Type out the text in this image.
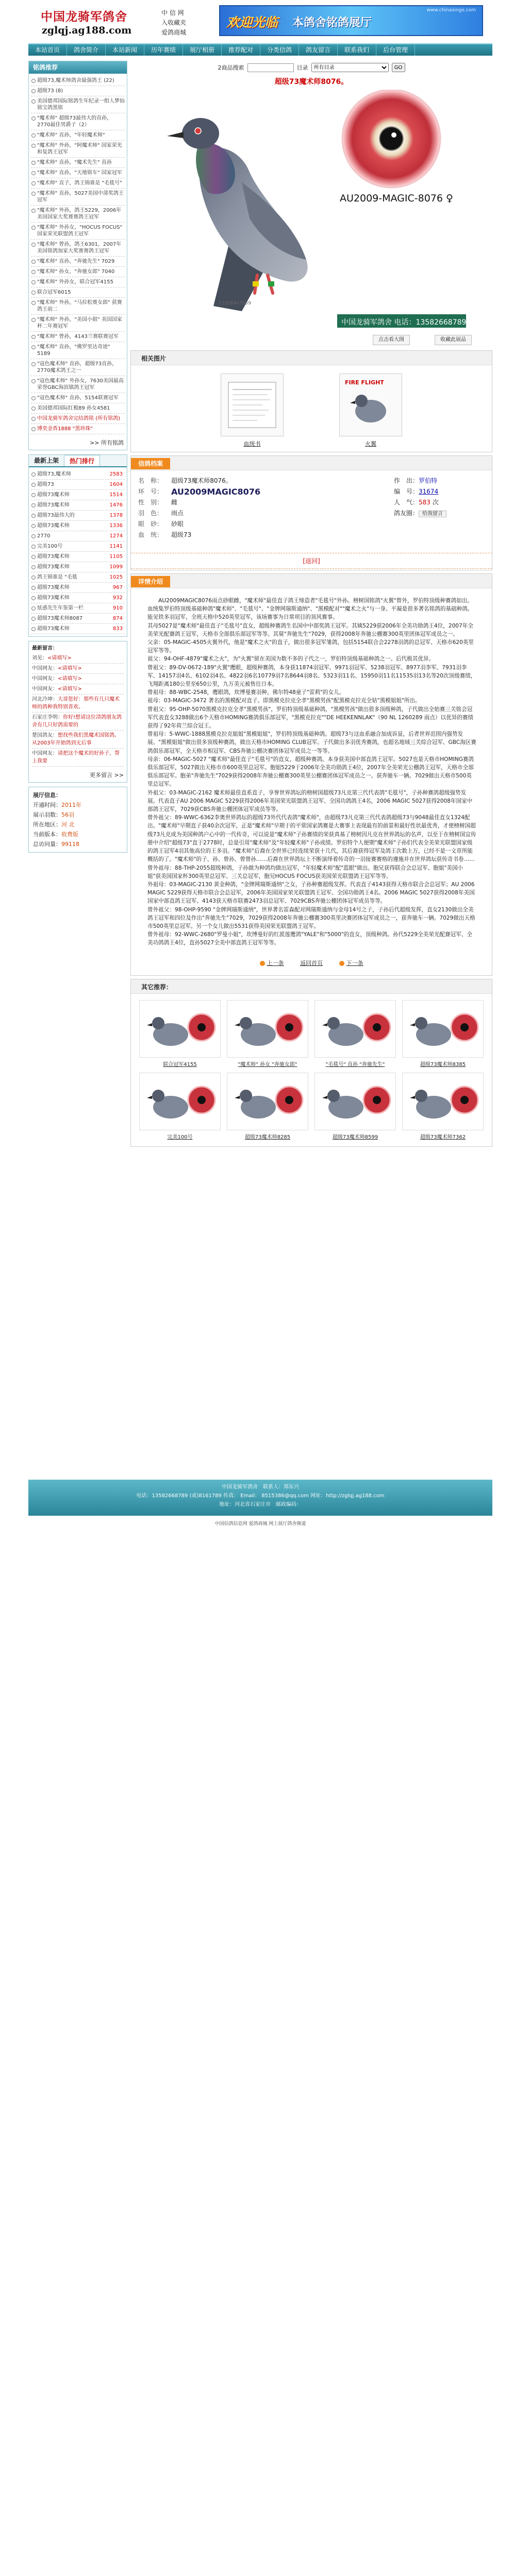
中国龙骑军鸽舍
zglqj.ag188.com
中 信 网
入收藏夹
爱鸽商城
www.chinaxinge.com
欢迎光临 本鸽舍铭鸽展厅
本站首页	鸽舍简介	本站新闻	历年赛绩	展厅相册	推荐配对	分类信鸽	鸽友留言	联系我们	后台管理
铭鸽推荐
超级73,魔术师鸽舍最强鸽王 (22)
超级73 (8)
美国德邦国际铭鸽生年纪录一组人梦仙铭宝鸽黑铭
"魔术师" 超级73最伟大的直孙，2770最佳男爵子（2）
"魔术师" 直孙，"年轻魔术师"
"魔术师" 外孙，"阿魔术师" 国家荣光和复鸽王冠军
"魔术师" 直孙，"魔术先生" 直孙
"魔术师" 直孙，"天地铭车" 国家冠军
"魔术师" 直子，鸽王锦谁是 "毛毯号"
"魔术师" 直孙，5027美国中部奖鸽王冠军
"魔术师" 外孙，鸽王5229，2006年美国国家大奖赛赛鸽王冠军
"魔术师" 外孙女，"HOCUS FOCUS" 国家荣光联盟鸽王冠军
"魔术师" 曾孙，鸽王6301，2007年美国铭鸽加家大奖赛赛鸽王冠军
"魔术师" 直孙，"奔驰先生" 7029
"魔术师" 孙女，"奔驰女郎" 7040
"魔术师" 外孙女，联合冠军4155
联合冠军6015
"魔术师" 外孙，"马拉松赛女郎" 获赛鸽王前二
"魔术师" 外孙，"美国小姐" 美国国家杯二年赛冠军
"魔术师" 曾孙，4143兰赛联赛冠军
"魔术师" 直孙，"佛罗里达奇迹" 5189
"寇色魔术师" 直孙，超级73直孙，2770魔术鸽王之一
"寇色魔术师" 外孙女，7630美国最高荣誉GBC海滨镇鸽王冠军
"寇色魔术师" 直孙，5154联赛冠军
美国德邦国际红极89 孙女4581
中国龙骑军鸽舍完结鸽铭 (所有铭鸽)
博奕金香1888 "黑珍珠"
>> 所有铭鸽
最新上架	热门排行
超级73,魔术师	2583
超级73	1604
超级73魔术师	1514
超级73魔术师	1476
超级73最伟大的	1378
超级73魔术师	1336
2770	1274
完美100号	1141
超级73魔术师	1105
超级73魔术师	1099
鸽王锦谁是 "毛毯	1025
超级73魔术师	967
超级73魔术师	932
炫惑先生年鉴第一栏	910
超级73魔术师8087	874
超级73魔术师	833

最新留言：

刘见：<请填写>

中国网友：<请填写>

中国网友：<请填写>

中国网友：<请填写>

河北冷坤：大哥您好：那些有几只魔术师的鸽种我特别喜欢。

石家庄李明：你好!想请这位清鸽朋友鸽舍有几只好鸽需要的

楚国鸽友：想找些我们黑魔术国铭鸽。从2003年开始鸽到无后事

中国网友：请把这个魔术的好孙子，帮上我要

更多留言 >>
展厅信息：
开通时间：2011年
展示羽数：56羽
所在地区：河 北
当前版本：收费版
总访问量：99118
2商品搜索	目录
所有目录	GO
超级73魔术师8076。
AU2009-MAGIC-8076 ♀
中国龙骑军鸽舍 电话：13582668789
13308447859
点击看大图	收藏此展品
相关图片
血统书
FIRE FLIGHT
火翼
信鸽档案
名　称：	超级73魔术师8076。
环　号： AU2009MAGIC8076
性　别：	雌
羽　色：	雨点
眼　砂：	砂眼
血　统：	超级73
作　出：罗伯特
编　号：31674
人　气：583 次
鸽友圈： 给我留言
[返回]
详情介绍

　　AU2009MAGIC8076雨点砂眼雌，"魔术师"最佳直子鸽王缔造者"毛毯号"外孙。榜树国铭鸽"火翼"曾外，罗伯特顶级种赛鸽如出。血统集罗伯特顶级基础种鸽"魔术师"、"毛毯号"、"金牌网瑞斯通纳"、"黑模配对""魔术之火"与一身。平凝是很多著名铭鸽的基础种鸽。

能见铁多羽冠军，全班天格中520英里冠军，该场赛事为日常项目的顶风赛事。

其母5027是"魔术师"最佳直子"毛毯号"直女，超级种赛鸽生名国中中部奖鸽王冠军。其姨5229获2006年全美功勋鸽王4位，2007年全美荣光配賽鸽王冠军，天格市全部俱乐部冠军等等。其舅"奔驰先生"7029，获得2008年奔驰公棚赛300英里团体冠军成员之一。

父亲：05-MAGIC-4505火翼外代，他是"魔术之火"的直子，做出很多冠军雏鸽，包括5154联合会2278羽鸽的总冠军、天格市620英里冠军等等。

祖父：94-OHF-4879"魔术之火"，为"火翼"留在美国为数不多的子代之一，罗伯特顶级基础种鸽之一。后代极其优异。

曾祖父：89-DV-0672-189"火翼"鹰眼，超级种赛鸽，本身获11874羽冠军、9971羽冠军、5238羽冠军、8977羽李军、7931羽李军、14157羽4名、6102羽4名、4822羽6名10779羽7名8644羽8名、5323羽11名、15950羽11名11535羽13名等20次顶级赛绩，飞翔距离180公里至650公里，九万美元被售往日本。

曾祖母：88-WBC-2548，鹰眼鸽，坎博曼赛羽种，佛尔特48童子"雷莉"的女儿。

祖母：03-MAGIC-3472 著名的黑模配对直子。即黑模克拉克全孝"黑模男孩"配黑模克拉克全姑"黑模姐姐"所出。

曾祖父：95-OHP-5070黑模克拉克全孝"黑模男孩"，罗伯特顶级基础种鸽，"黑模男孩"做出很多顶级种鸽，子代做出全始赛三关铭会冠军代表直女3288做出6个天格市HOMING赛鸽俱乐部冠军，"黑模克拉克""DE HEEKENNLAK"（90 NL 1260289 雨点）以优异的赛绩获得了92年荷兰综合冠王。

曾祖母：5-WWC-1888黑模克拉克姐姐"黑模姐姐"，罗伯特顶级基础种鸽。超级73与这血系融合加成诉显，后者世界范围内强势发展。"黑模姐姐"做出很多顶级种赛鸽，做出天格市HOMING CLUB冠军。子代做出多羽优秀赛鸽，也超名地域三关综合冠军、GBC海区赛鸽俱乐部冠军，全天格市相冠军、CBS奔驰公棚决赛团体冠军成员之一等等。

母亲：06-MAGIC-5027 "魔术师"最佳直子"毛毯号"的直女，超级种赛鸽。本身获美国中部直鸽王冠军。5027也是天格市HOMING赛鸽俱乐部冠军，5027做出天格市市600英里总冠军。胞姐5229于2006年全美功勋鸽王4位，2007年全美荣光公棚鸽王冠军，天格市全部俱乐部冠军。胞弟"奔驰先生"7029获得2008年奔驰公棚赛300英里公棚赛团体冠军成员之一。获奔驰车一辆。7029做出天格市500英里总冠军。

外祖父：03-MAGIC-2162 魔术师最佳直系直子，享誉世界鸽坛的榜树国超级73凡克第三代代表鸽"毛毯号"，子孙种赛鸽超级强势发展。代表直子AU 2006 MAGIC 5229获得2006年美国荣光联盟鸽王冠军、全国功鸽鸽王4名，2006 MAGIC 5027获得2008年国家中部鸽王冠军，7029获CBS奔驰公棚团体冠军成员等等。

曾外祖父：89-WWC-6362李奥世界鸽坛的超级73外代代表鸽"魔术师"，由超级73凡克第三代代表鸽超级73与9048最佳直女1324配出。"魔术师"早期直子获40余次冠军，正是"魔术师"早期于的平常国家鸽赛是大赛事上表现最有的前景和最好性状最优秀，才使榜树国超级73凡克成为美国种鸽户心中的一代传奇，可以说是"魔术师"子孙赛绩的荣获真基了榜树因凡克在世界鸽坛的名声，以至于在榜树国宣传册中介绍"超级73"直于2778时，总是引用"魔术师"及"年轻魔术师"子孙成绩。罗伯特个人便期"魔术师"子孙们代表全美荣光联盟国家级的鸽王冠军4羽其他高位的王多羽。"魔术师"后裔在全世界已经连续荣获十几代，其后裔获得冠军及鸽王次数上万，已经不是一文章所能概括的了。"魔术师"的子、孙、曾孙、曾曾孙……后裔在世界鸽坛上不断演绎着传奇的一羽接赛赛格的遵施并在世界鸽坛获传奇书卷……

曾外祖母：88-THP-2055超级种鸽，子孙做为种鸽均做出冠军，"年轻魔术师"配"蓝眼"做出。胞兄获得联合会总冠军、胞姐"美国小姐"获美国国家杯300英里总冠军、三关总冠军，胞兄HOCUS FOCUS获美国荣光联盟鸽王冠军等等。

外祖母：03-MAGIC-2130 黄金种鸽，"金牌网瑞斯通纳"之女，子孙种赛超级发挥。代表直子4143获得天格市联合会总冠军；AU 2006 MAGIC 5229获得天格市联合会总冠军，2006年美国国家荣光联盟鸽王冠军、全国功勋鸽王4名。2006 MAGIC 5027获得2008年美国国家中部直鸽王冠军、4143获天格市联赛2473羽总冠军、7029CBS奔驰公棚团体冠军成员等等。

曾外祖父：98-OHP-9590 "金牌网瑞斯通纳"，世界著名雷森配对网瑞斯通纳与金母14号之子，子孙后代超级发挥，直女2130做出全美鸽王冠军和四位及作出"奔驰先生"7029，7029获得2008年奔驰公棚赛300英里决赛团体冠军成员之一，获奔驰车一辆。7029做出天格市500英里总冠军。另一个女儿做出5531获得美国荣光联盟鸽王冠军。

曾外祖母：92-WWC-2680"罗曼小姐"，坎博曼好的红派莲鹰鸽"YALE"和"5000"的直女，顶级种鸽。孙代5229全美荣光配賽冠军、全美功鸽鸽王4位，直孙5027全美中部直鸽王冠军等等。

上一条	返回首页	下一条
其它推荐：
联合冠军4155	"魔术师" 孙女 "奔驰女郎"	"毛毯号" 直孙 "奔驰先生"	超级73魔术师8385
完美100号	超级73魔术师8285	超级73魔术师8599	超级73魔术师7362
中国龙骑军鸽舍　联系人：郑东兴
电话：13582668789 (或)8161789 传真： Email： 8515386@qq.com 网址：http://zglqj.ag188.com
地址：河北省石家庄市　邮政编码：
中国信鸽信息网 爱鸽商城 网上展厅鸽舍频道
